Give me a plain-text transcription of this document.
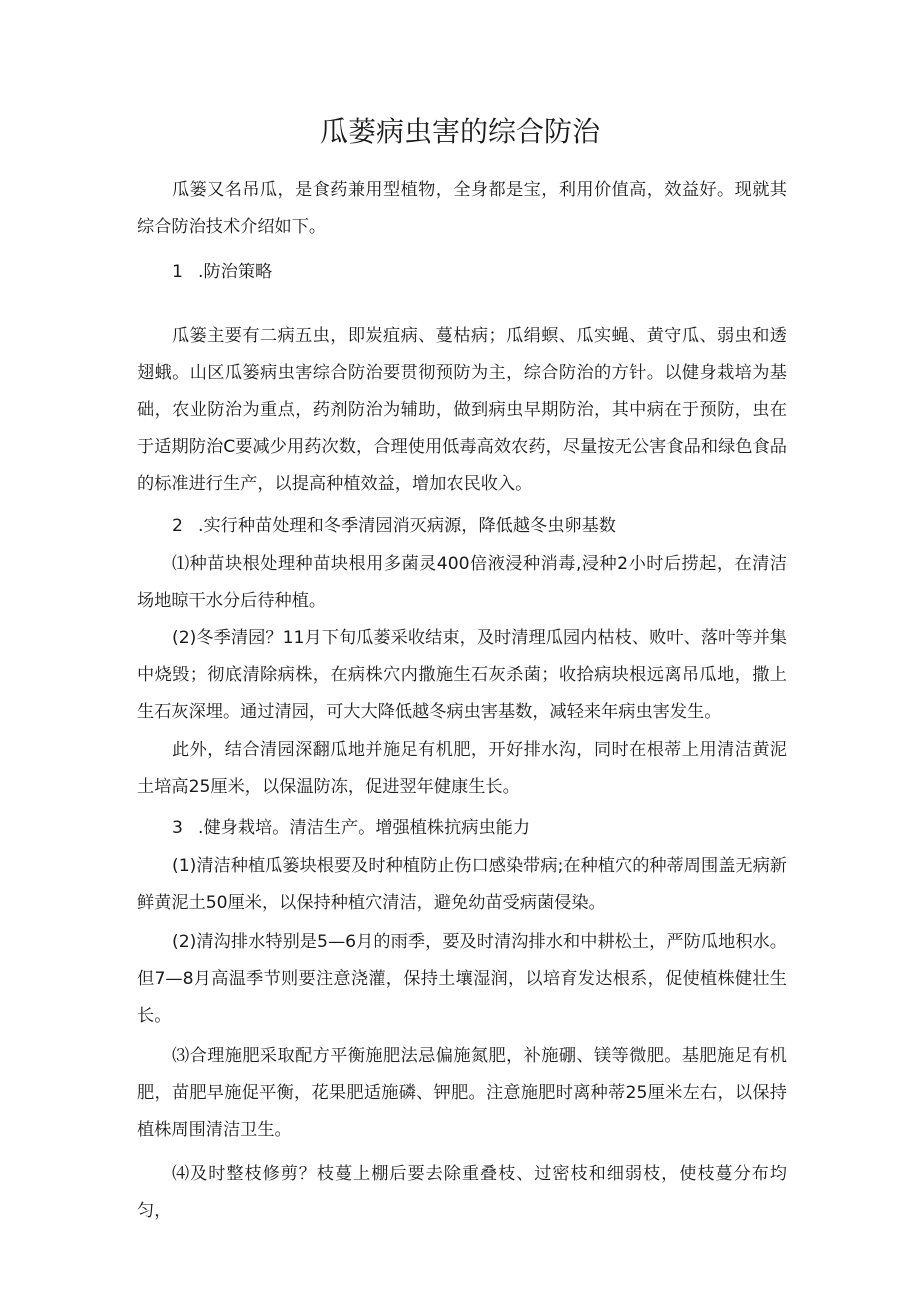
瓜蒌病虫害的综合防治

瓜篓又名吊瓜，是食药兼用型植物，全身都是宝，利用价值高，效益好。现就其综合防治技术介绍如下。

1 .防治策略

瓜篓主要有二病五虫，即炭疽病、蔓枯病；瓜绢螟、瓜实蝇、黄守瓜、弱虫和透翅蛾。山区瓜篓病虫害综合防治要贯彻预防为主，综合防治的方针。以健身栽培为基础，农业防治为重点，药剂防治为辅助，做到病虫早期防治，其中病在于预防，虫在于适期防治C要减少用药次数，合理使用低毒高效农药，尽量按无公害食品和绿色食品的标准进行生产，以提高种植效益，增加农民收入。

2 .实行种苗处理和冬季清园消灭病源，降低越冬虫卵基数

⑴种苗块根处理种苗块根用多菌灵400倍液浸种消毒,浸种2小时后捞起，在清洁场地晾干水分后待种植。

(2)冬季清园？11月下旬瓜蒌采收结束，及时清理瓜园内枯枝、败叶、落叶等并集中烧毁；彻底清除病株，在病株穴内撒施生石灰杀菌；收拾病块根远离吊瓜地，撒上生石灰深埋。通过清园，可大大降低越冬病虫害基数，减轻来年病虫害发生。

此外，结合清园深翻瓜地并施足有机肥，开好排水沟，同时在根蒂上用清洁黄泥土培高25厘米，以保温防冻，促进翌年健康生长。

3 .健身栽培。清洁生产。增强植株抗病虫能力

(1)清洁种植瓜篓块根要及时种植防止伤口感染带病;在种植穴的种蒂周围盖无病新鲜黄泥土50厘米，以保持种植穴清洁，避免幼苗受病菌侵染。

(2)清沟排水特别是5—6月的雨季，要及时清沟排水和中耕松土，严防瓜地积水。但7—8月高温季节则要注意浇灌，保持土壤湿润，以培育发达根系，促使植株健壮生长。

⑶合理施肥采取配方平衡施肥法忌偏施氮肥，补施硼、镁等微肥。基肥施足有机肥，苗肥早施促平衡，花果肥适施磷、钾肥。注意施肥时离种蒂25厘米左右，以保持植株周围清洁卫生。

⑷及时整枝修剪？枝蔓上棚后要去除重叠枝、过密枝和细弱枝，使枝蔓分布均匀，
